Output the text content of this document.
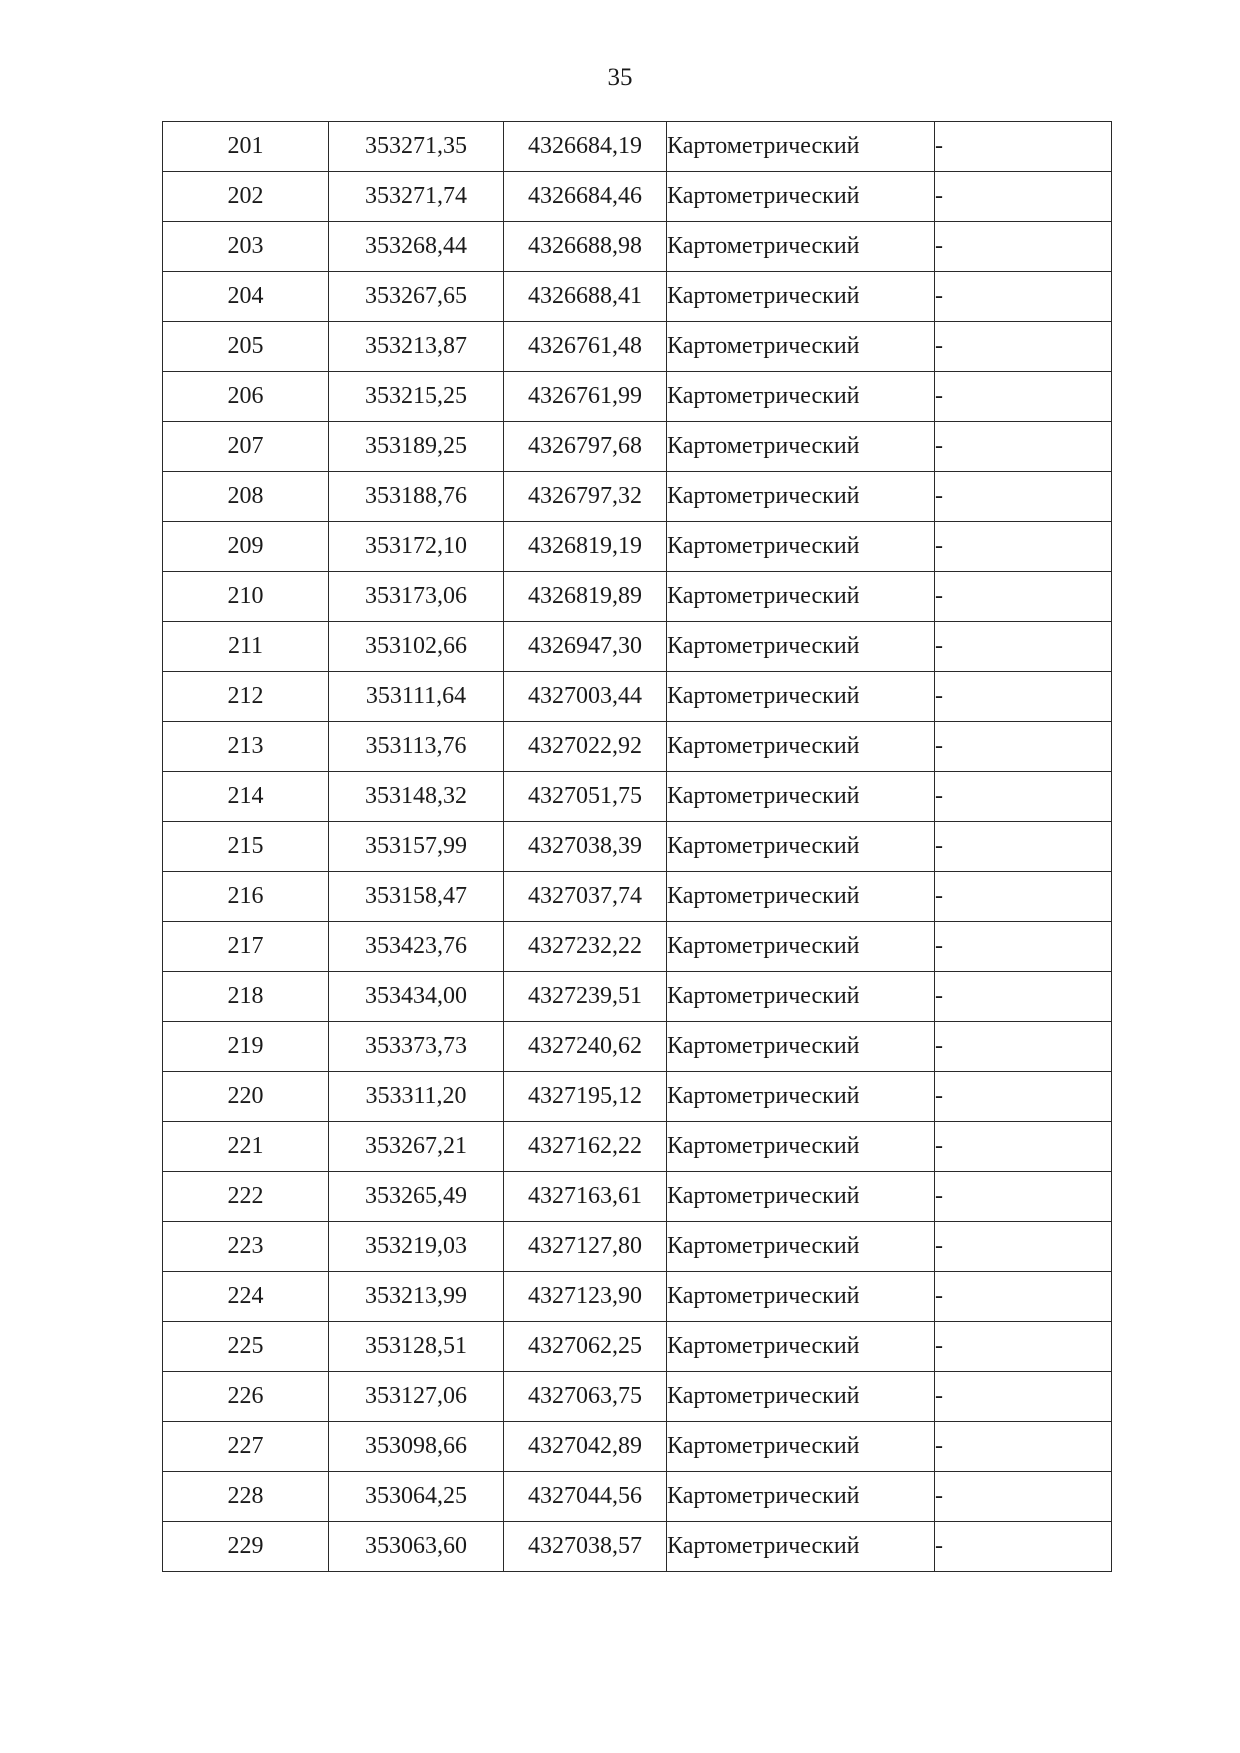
35
201	353271,35	4326684,19	Картометрический	-
202	353271,74	4326684,46	Картометрический	-
203	353268,44	4326688,98	Картометрический	-
204	353267,65	4326688,41	Картометрический	-
205	353213,87	4326761,48	Картометрический	-
206	353215,25	4326761,99	Картометрический	-
207	353189,25	4326797,68	Картометрический	-
208	353188,76	4326797,32	Картометрический	-
209	353172,10	4326819,19	Картометрический	-
210	353173,06	4326819,89	Картометрический	-
211	353102,66	4326947,30	Картометрический	-
212	353111,64	4327003,44	Картометрический	-
213	353113,76	4327022,92	Картометрический	-
214	353148,32	4327051,75	Картометрический	-
215	353157,99	4327038,39	Картометрический	-
216	353158,47	4327037,74	Картометрический	-
217	353423,76	4327232,22	Картометрический	-
218	353434,00	4327239,51	Картометрический	-
219	353373,73	4327240,62	Картометрический	-
220	353311,20	4327195,12	Картометрический	-
221	353267,21	4327162,22	Картометрический	-
222	353265,49	4327163,61	Картометрический	-
223	353219,03	4327127,80	Картометрический	-
224	353213,99	4327123,90	Картометрический	-
225	353128,51	4327062,25	Картометрический	-
226	353127,06	4327063,75	Картометрический	-
227	353098,66	4327042,89	Картометрический	-
228	353064,25	4327044,56	Картометрический	-
229	353063,60	4327038,57	Картометрический	-
